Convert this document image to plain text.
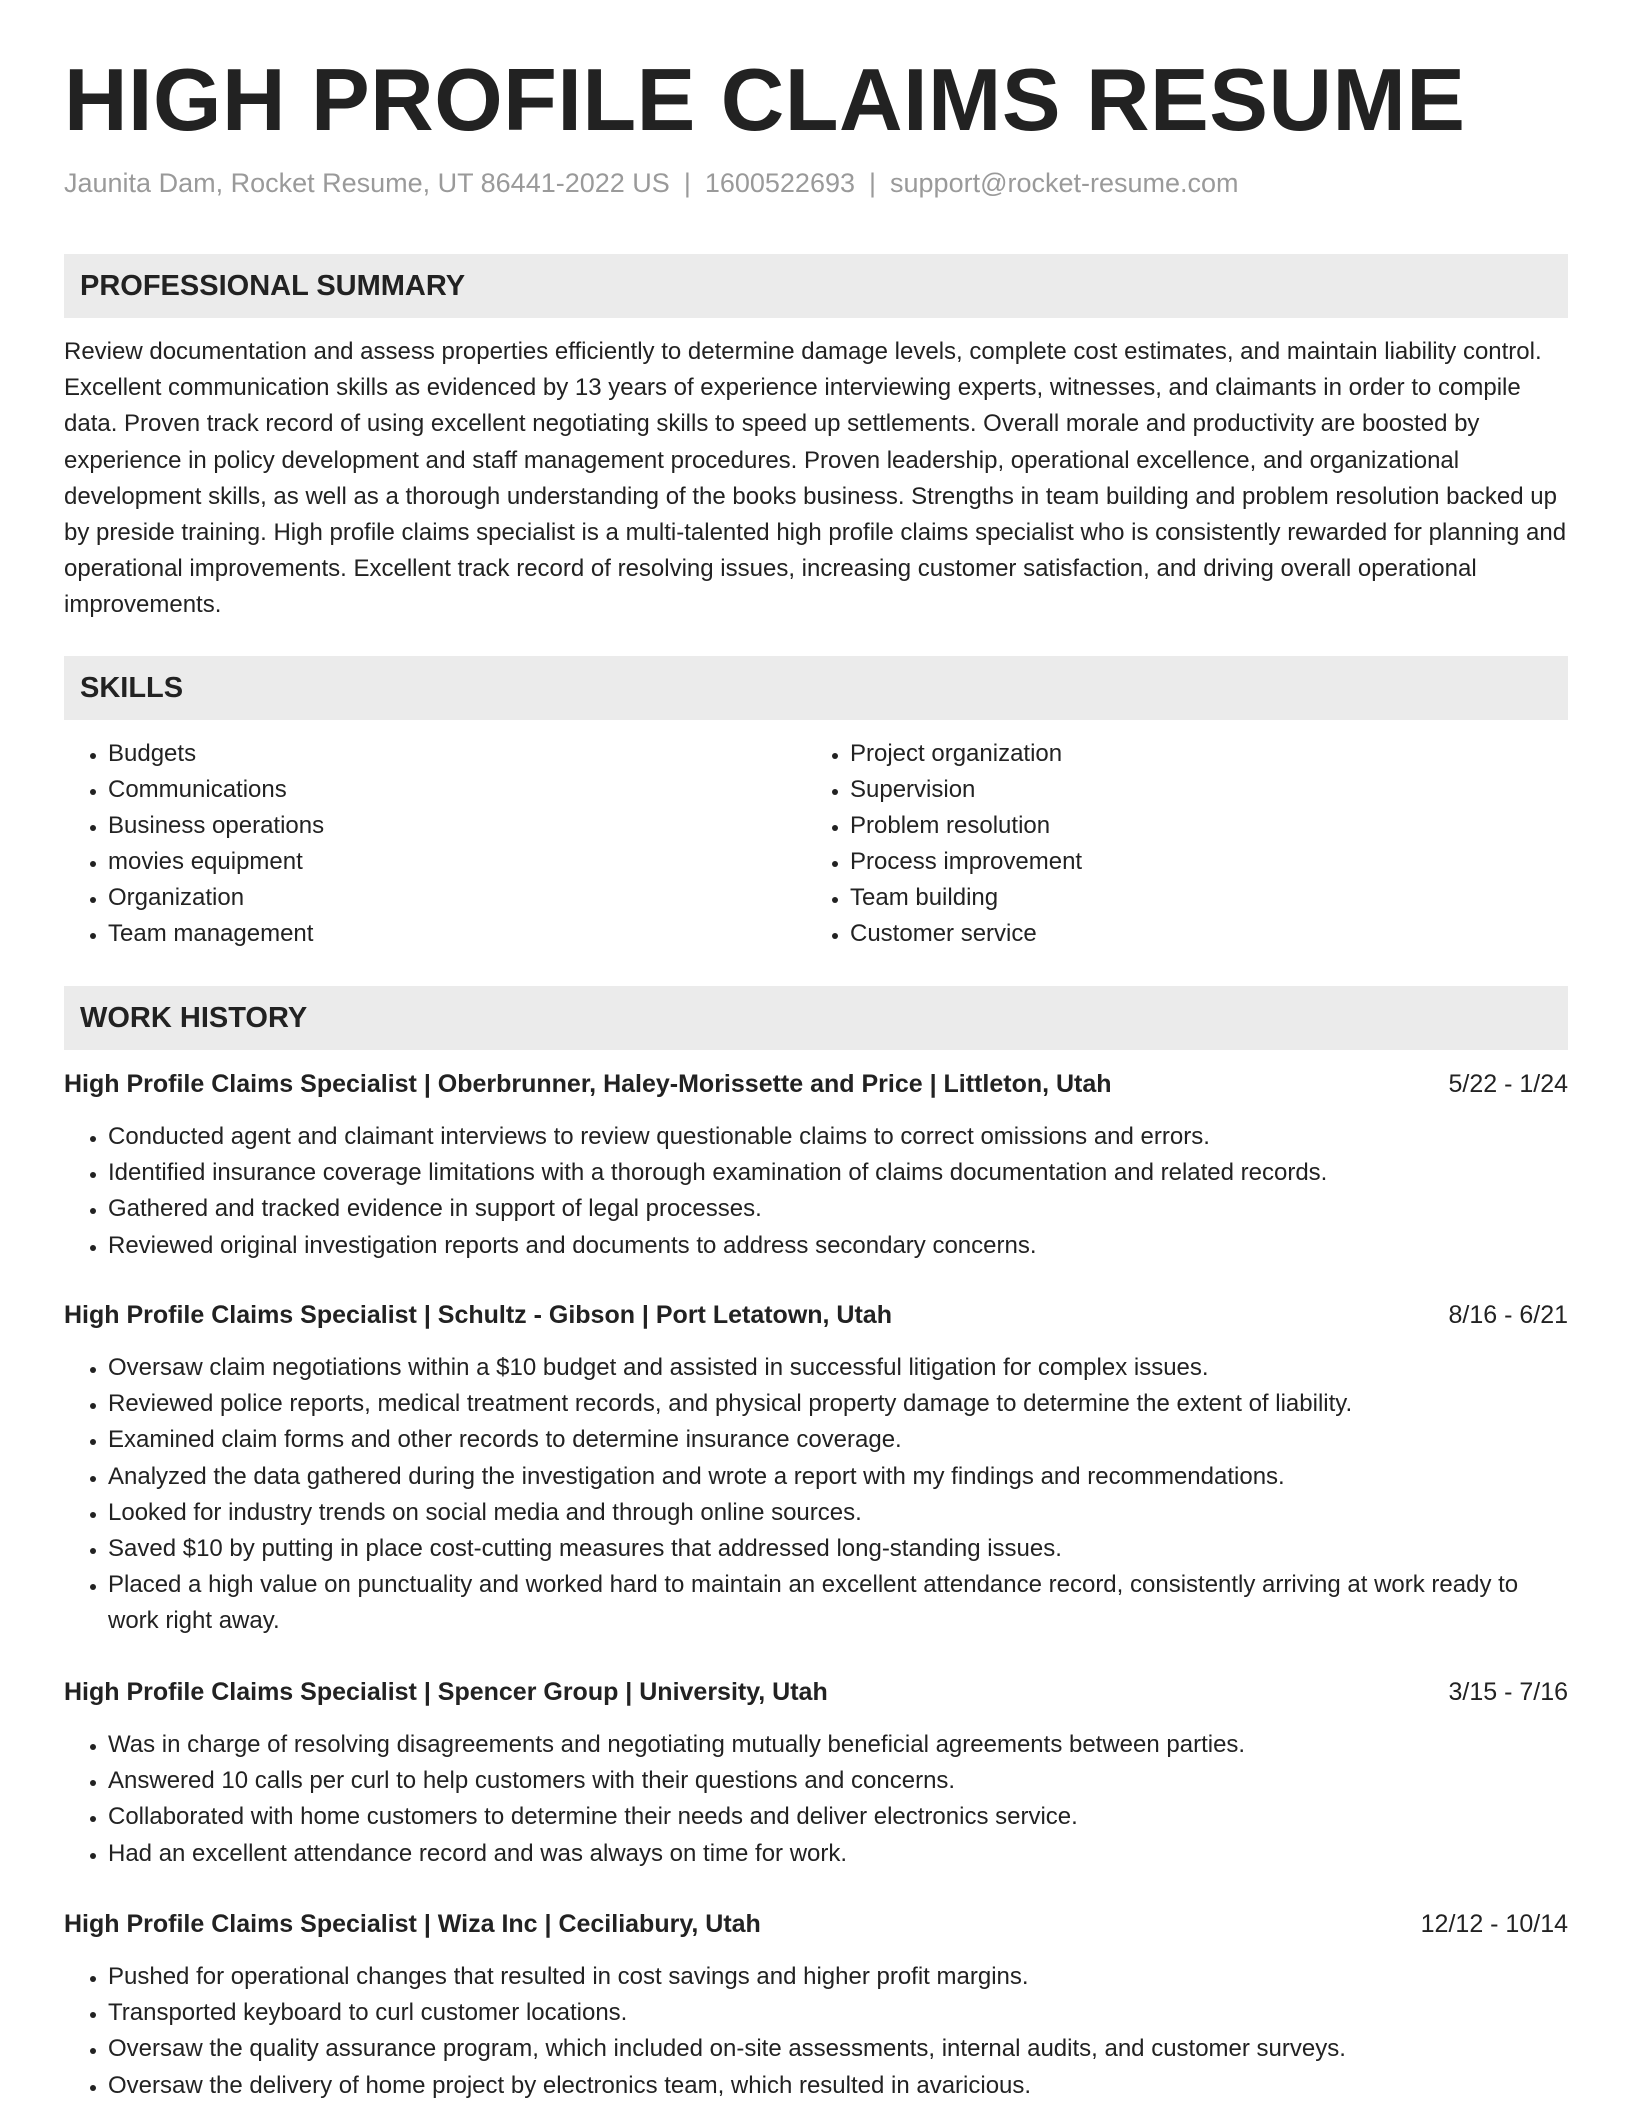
HIGH PROFILE CLAIMS RESUME
Jaunita Dam, Rocket Resume, UT 86441-2022 US | 1600522693 | support@rocket-resume.com
PROFESSIONAL SUMMARY

Review documentation and assess properties efficiently to determine damage levels, complete cost estimates, and maintain liability control. Excellent communication skills as evidenced by 13 years of experience interviewing experts, witnesses, and claimants in order to compile data. Proven track record of using excellent negotiating skills to speed up settlements. Overall morale and productivity are boosted by experience in policy development and staff management procedures. Proven leadership, operational excellence, and organizational development skills, as well as a thorough understanding of the books business. Strengths in team building and problem resolution backed up by preside training. High profile claims specialist is a multi-talented high profile claims specialist who is consistently rewarded for planning and operational improvements. Excellent track record of resolving issues, increasing customer satisfaction, and driving overall operational improvements.

SKILLS
• Budgets
• Communications
• Business operations
• movies equipment
• Organization
• Team management
• Project organization
• Supervision
• Problem resolution
• Process improvement
• Team building
• Customer service
WORK HISTORY
High Profile Claims Specialist | Oberbrunner, Haley-Morissette and Price | Littleton, Utah	5/22 - 1/24
• Conducted agent and claimant interviews to review questionable claims to correct omissions and errors.
• Identified insurance coverage limitations with a thorough examination of claims documentation and related records.
• Gathered and tracked evidence in support of legal processes.
• Reviewed original investigation reports and documents to address secondary concerns.
High Profile Claims Specialist | Schultz - Gibson | Port Letatown, Utah	8/16 - 6/21
• Oversaw claim negotiations within a $10 budget and assisted in successful litigation for complex issues.
• Reviewed police reports, medical treatment records, and physical property damage to determine the extent of liability.
• Examined claim forms and other records to determine insurance coverage.
• Analyzed the data gathered during the investigation and wrote a report with my findings and recommendations.
• Looked for industry trends on social media and through online sources.
• Saved $10 by putting in place cost-cutting measures that addressed long-standing issues.
• Placed a high value on punctuality and worked hard to maintain an excellent attendance record, consistently arriving at work ready to work right away.
High Profile Claims Specialist | Spencer Group | University, Utah	3/15 - 7/16
• Was in charge of resolving disagreements and negotiating mutually beneficial agreements between parties.
• Answered 10 calls per curl to help customers with their questions and concerns.
• Collaborated with home customers to determine their needs and deliver electronics service.
• Had an excellent attendance record and was always on time for work.
High Profile Claims Specialist | Wiza Inc | Ceciliabury, Utah	12/12 - 10/14
• Pushed for operational changes that resulted in cost savings and higher profit margins.
• Transported keyboard to curl customer locations.
• Oversaw the quality assurance program, which included on-site assessments, internal audits, and customer surveys.
• Oversaw the delivery of home project by electronics team, which resulted in avaricious.
